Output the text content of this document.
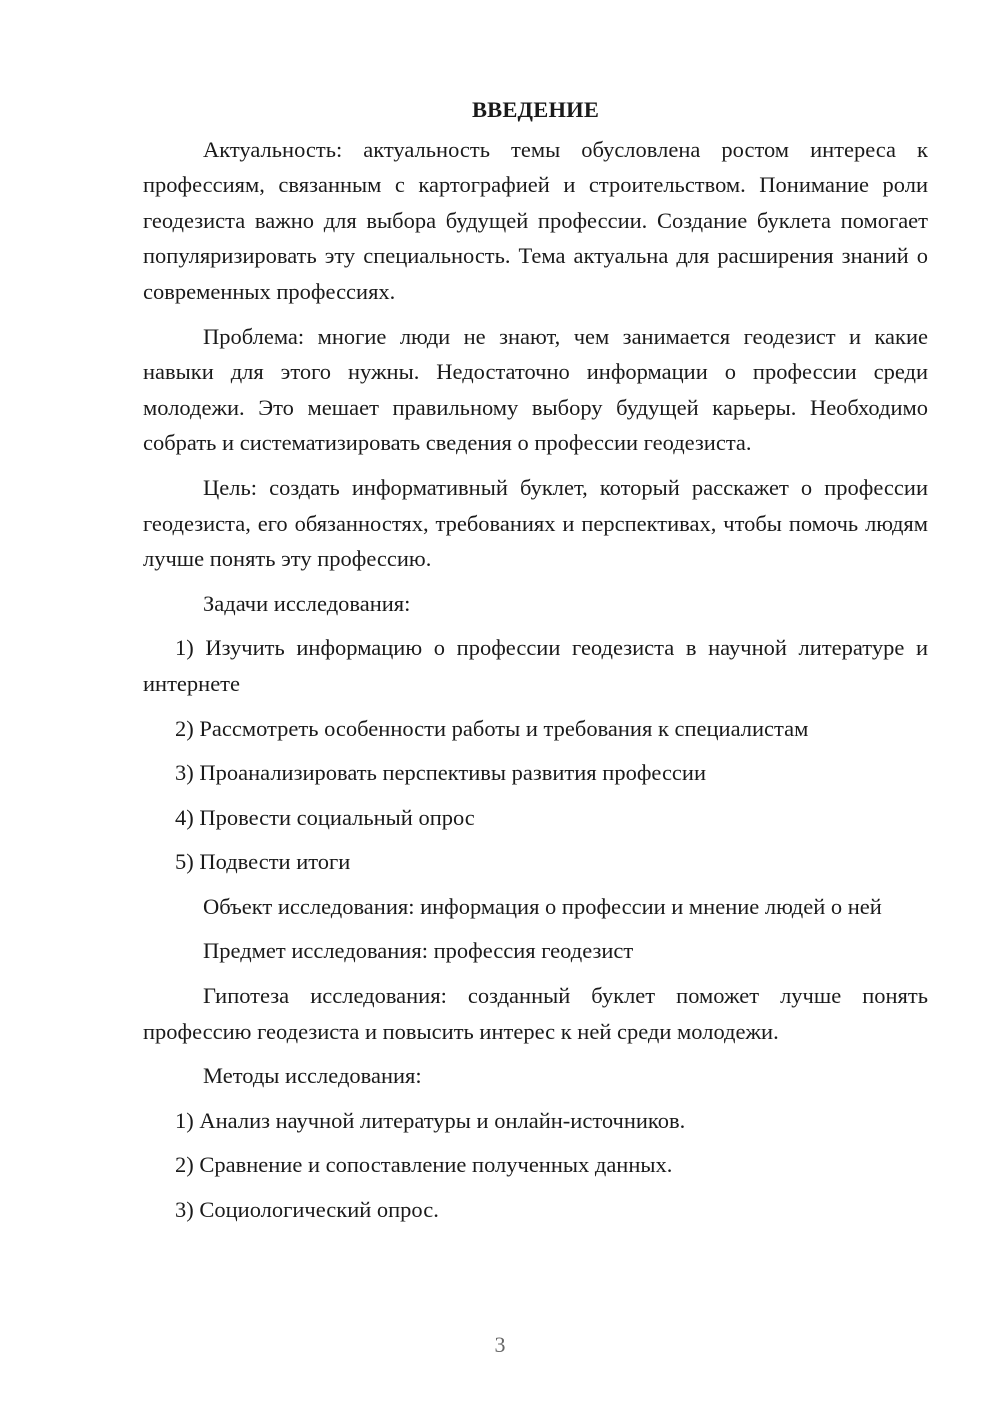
ВВЕДЕНИЕ

Актуальность: актуальность темы обусловлена ростом интереса к профессиям, связанным с картографией и строительством. Понимание роли геодезиста важно для выбора будущей профессии. Создание буклета помогает популяризировать эту специальность. Тема актуальна для расширения знаний о современных профессиях.

Проблема: многие люди не знают, чем занимается геодезист и какие навыки для этого нужны. Недостаточно информации о профессии среди молодежи. Это мешает правильному выбору будущей карьеры. Необходимо собрать и систематизировать сведения о профессии геодезиста.

Цель: создать информативный буклет, который расскажет о профессии геодезиста, его обязанностях, требованиях и перспективах, чтобы помочь людям лучше понять эту профессию.

Задачи исследования:

1) Изучить информацию о профессии геодезиста в научной литературе и интернете

2) Рассмотреть особенности работы и требования к специалистам

3) Проанализировать перспективы развития профессии

4) Провести социальный опрос

5) Подвести итоги

Объект исследования: информация о профессии и мнение людей о ней

Предмет исследования: профессия геодезист

Гипотеза исследования: созданный буклет поможет лучше понять профессию геодезиста и повысить интерес к ней среди молодежи.

Методы исследования:

1) Анализ научной литературы и онлайн-источников.

2) Сравнение и сопоставление полученных данных.

3) Социологический опрос.

3
